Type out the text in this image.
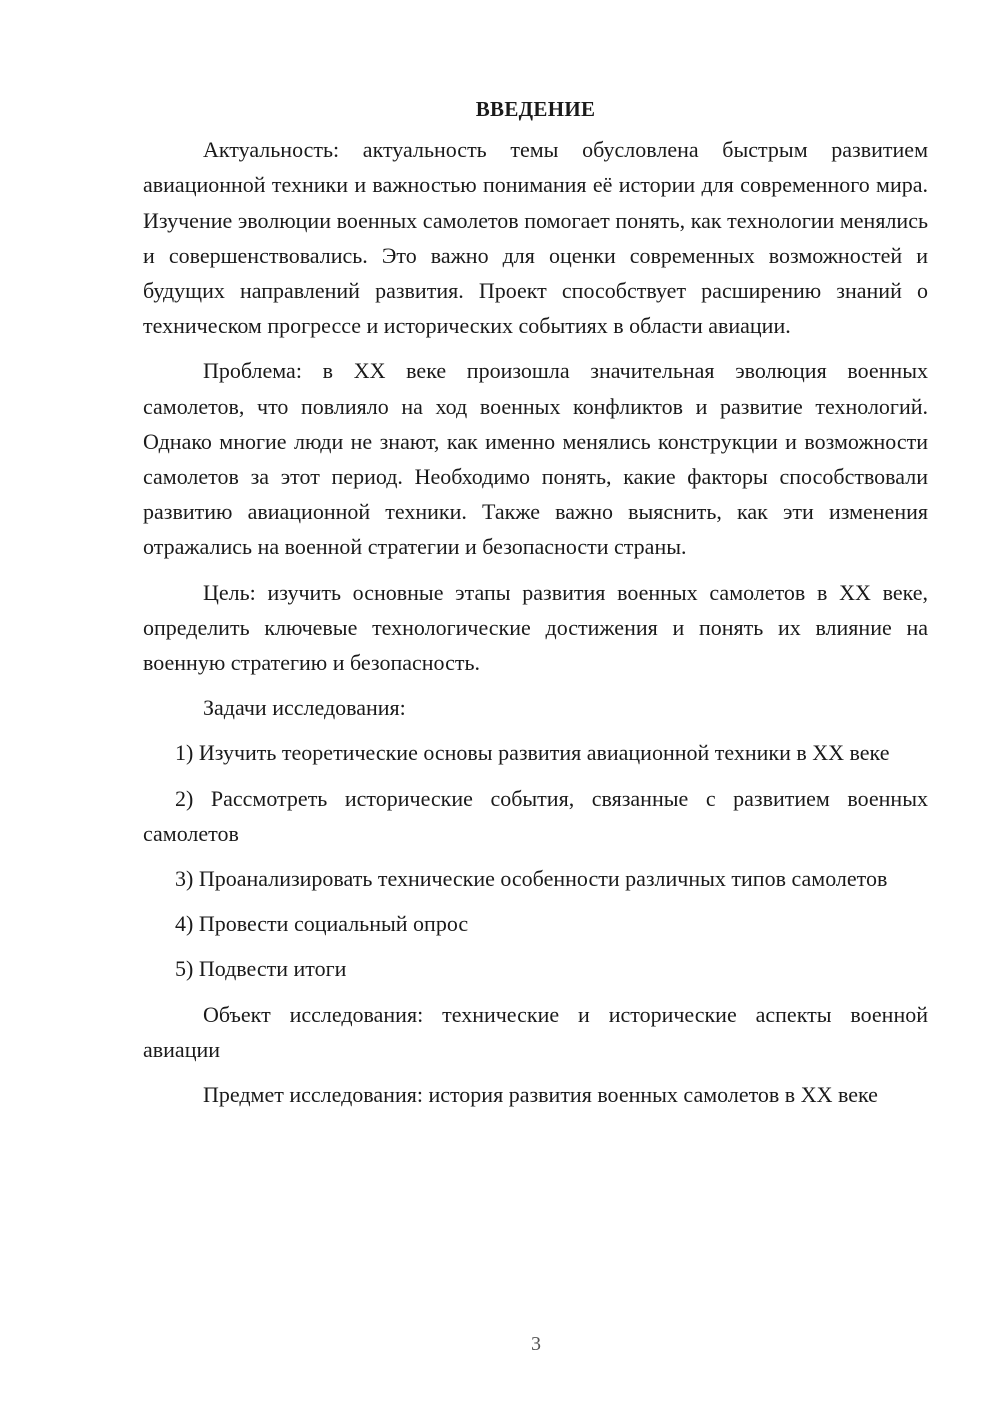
ВВЕДЕНИЕ

Актуальность: актуальность темы обусловлена быстрым развитием авиационной техники и важностью понимания её истории для современного мира. Изучение эволюции военных самолетов помогает понять, как технологии менялись и совершенствовались. Это важно для оценки современных возможностей и будущих направлений развития. Проект способствует расширению знаний о техническом прогрессе и исторических событиях в области авиации.

Проблема: в XX веке произошла значительная эволюция военных самолетов, что повлияло на ход военных конфликтов и развитие технологий. Однако многие люди не знают, как именно менялись конструкции и возможности самолетов за этот период. Необходимо понять, какие факторы способствовали развитию авиационной техники. Также важно выяснить, как эти изменения отражались на военной стратегии и безопасности страны.

Цель: изучить основные этапы развития военных самолетов в XX веке, определить ключевые технологические достижения и понять их влияние на военную стратегию и безопасность.

Задачи исследования:

1) Изучить теоретические основы развития авиационной техники в XX веке

2) Рассмотреть исторические события, связанные с развитием военных самолетов

3) Проанализировать технические особенности различных типов самолетов

4) Провести социальный опрос

5) Подвести итоги

Объект исследования: технические и исторические аспекты военной авиации

Предмет исследования: история развития военных самолетов в XX веке

3
